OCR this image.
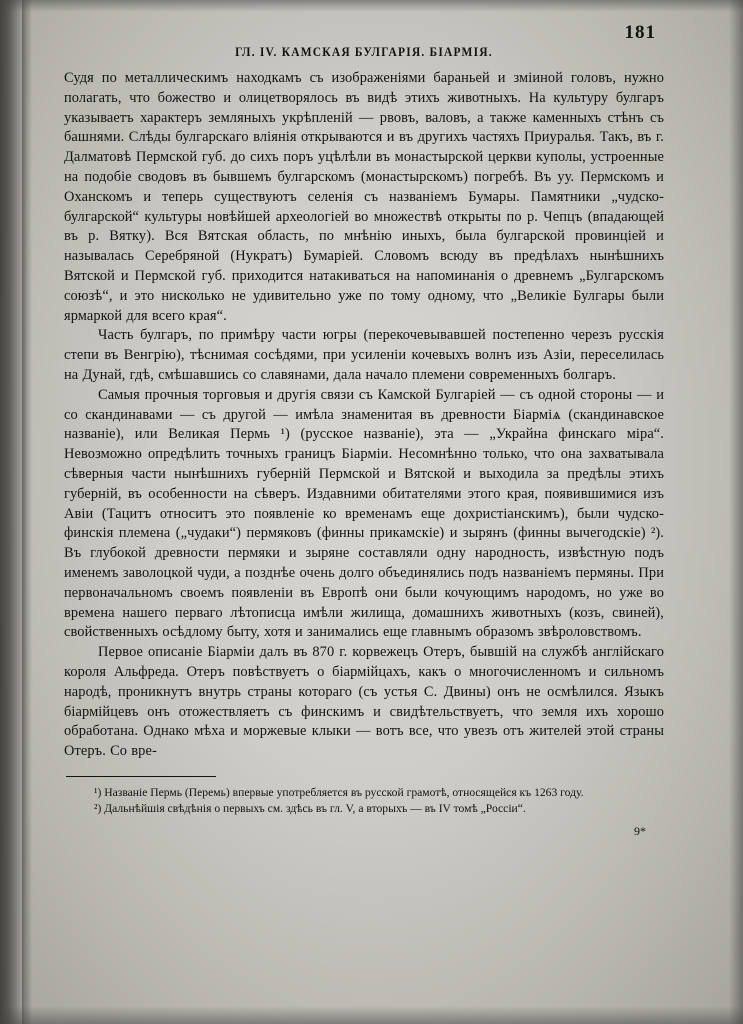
181
ГЛ. IV. КАМСКАЯ БУЛГАРІЯ. БІАРМІЯ.

Судя по металлическимъ находкамъ съ изображеніями бараньей и зміиной головъ, нужно полагать, что божество и олицетворялось въ видѣ этихъ животныхъ. На культуру булгаръ указываетъ характеръ земляныхъ укрѣпленій — рвовъ, валовъ, а также каменныхъ стѣнъ съ башнями. Слѣды булгарскаго вліянія открываются и въ другихъ частяхъ Приуралья. Такъ, въ г. Далматовѣ Пермской губ. до сихъ поръ уцѣлѣли въ монастырской церкви куполы, устроенные на подобіе сводовъ въ бывшемъ булгарскомъ (монастырскомъ) погребѣ. Въ уу. Пермскомъ и Оханскомъ и теперь существуютъ селенія съ названіемъ Бумары. Памятники „чудско-булгарской“ культуры новѣйшей археологіей во множествѣ открыты по р. Чепцъ (впадающей въ р. Вятку). Вся Вятская область, по мнѣнію иныхъ, была булгарской провинціей и называлась Серебряной (Нукратъ) Бумаріей. Словомъ всюду въ предѣлахъ нынѣшнихъ Вятской и Пермской губ. приходится натакиваться на напоминанія о древнемъ „Булгарскомъ союзѣ“, и это нисколько не удивительно уже по тому одному, что „Великіе Булгары были ярмаркой для всего края“.

Часть булгаръ, по примѣру части югры (перекочевывавшей постепенно черезъ русскія степи въ Венгрію), тѣснимая сосѣдями, при усиленіи кочевыхъ волнъ изъ Азіи, переселилась на Дунай, гдѣ, смѣшавшись со славянами, дала начало племени современныхъ болгаръ.

Самыя прочныя торговыя и другія связи съ Камской Булгаріей — съ одной стороны — и со скандинавами — съ другой — имѣла знаменитая въ древности Біарміѧ (скандинавское названіе), или Великая Пермь ¹) (русское названіе), эта — „Украйна финскаго міра“. Невозможно опредѣлить точныхъ границъ Біарміи. Несомнѣнно только, что она захватывала сѣверныя части нынѣшнихъ губерній Пермской и Вятской и выходила за предѣлы этихъ губерній, въ особенности на сѣверъ. Издавними обитателями этого края, появившимися изъ Авіи (Тацитъ относитъ это появленіе ко временамъ еще дохристіанскимъ), были чудско-финскія племена („чудаки“) пермяковъ (финны прикамскіе) и зырянъ (финны вычегодскіе) ²). Въ глубокой древности пермяки и зыряне составляли одну народность, извѣстную подъ именемъ заволоцкой чуди, а позднѣе очень долго объединялись подъ названіемъ пермяны. При первоначальномъ своемъ появленіи въ Европѣ они были кочующимъ народомъ, но уже во времена нашего перваго лѣтописца имѣли жилища, домашнихъ животныхъ (козъ, свиней), свойственныхъ осѣдлому быту, хотя и занимались еще главнымъ образомъ звѣроловствомъ.

Первое описаніе Біарміи далъ въ 870 г. корвежецъ Отеръ, бывшій на службѣ англійскаго короля Альфреда. Отеръ повѣствуетъ о біармійцахъ, какъ о многочисленномъ и сильномъ народѣ, проникнутъ внутрь страны котораго (съ устья С. Двины) онъ не осмѣлился. Языкъ біармійцевъ онъ отожествляетъ съ финскимъ и свидѣтельствуетъ, что земля ихъ хорошо обработана. Однако мѣха и моржевые клыки — вотъ все, что увезъ отъ жителей этой страны Отеръ. Со вре-

¹) Названіе Пермь (Перемь) впервые употребляется въ русской грамотѣ, относящейся къ 1263 году.

²) Дальнѣйшія свѣдѣнія о первыхъ см. здѣсь въ гл. V, а вторыхъ — въ IV томѣ „Россіи“.

9*
